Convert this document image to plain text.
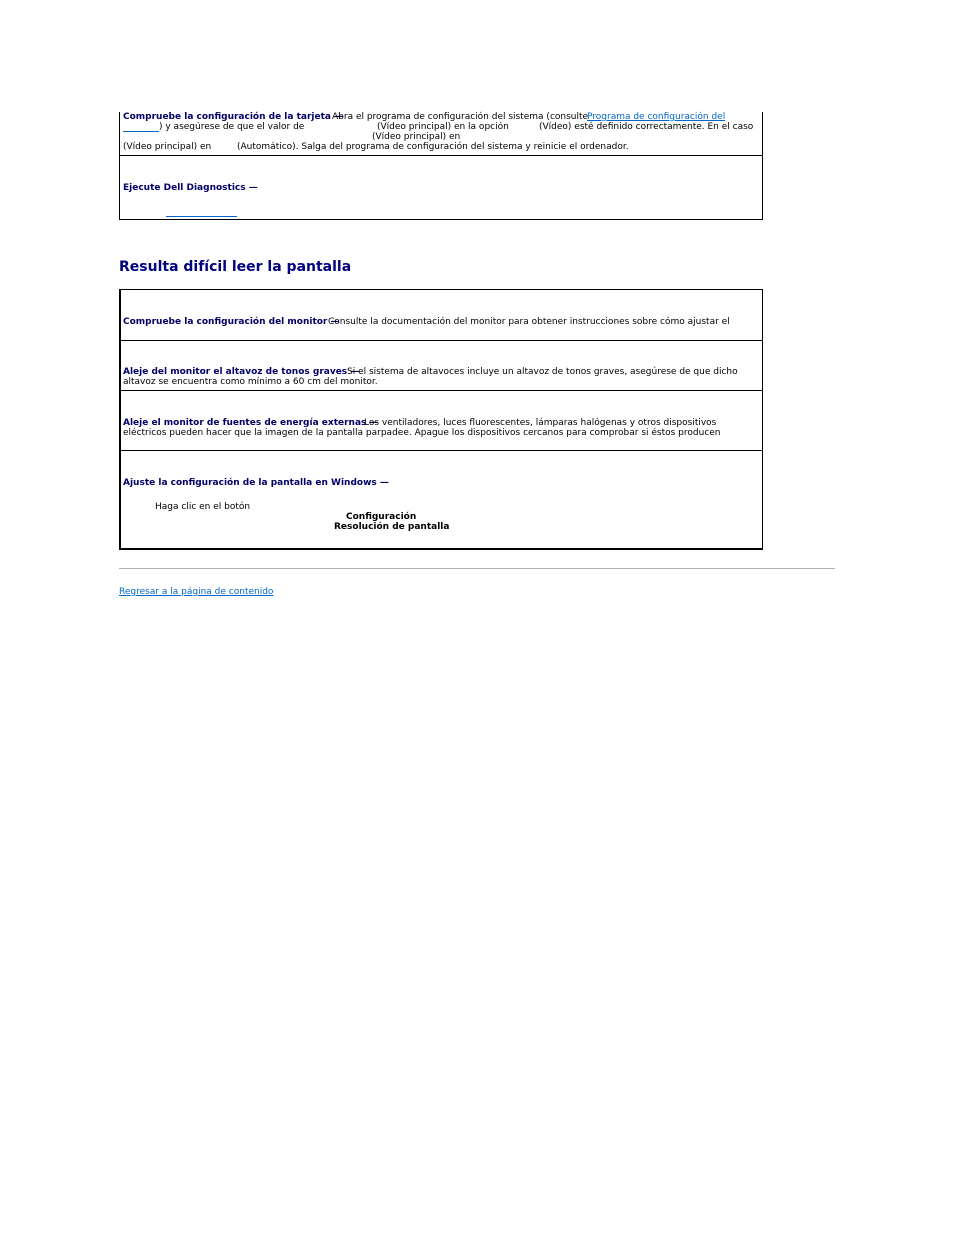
Compruebe la configuración de la tarjeta —
Abra el programa de configuración del sistema (consulte
Programa de configuración del
) y asegúrese de que el valor de	(Vídeo principal) en la opción	(Vídeo) esté definido correctamente. En el caso
(Vídeo principal) en
(Vídeo principal) en	(Automático). Salga del programa de configuración del sistema y reinicie el ordenador.
Ejecute Dell Diagnostics —
Resulta difícil leer la pantalla
Compruebe la configuración del monitor —
Consulte la documentación del monitor para obtener instrucciones sobre cómo ajustar el
Aleje del monitor el altavoz de tonos graves —
Si el sistema de altavoces incluye un altavoz de tonos graves, asegúrese de que dicho
altavoz se encuentra como mínimo a 60 cm del monitor.
Aleje el monitor de fuentes de energía externas —
Los ventiladores, luces fluorescentes, lámparas halógenas y otros dispositivos
eléctricos pueden hacer que la imagen de la pantalla parpadee. Apague los dispositivos cercanos para comprobar si éstos producen
Ajuste la configuración de la pantalla en Windows —
Haga clic en el botón
Configuración
Resolución de pantalla
Regresar a la página de contenido
